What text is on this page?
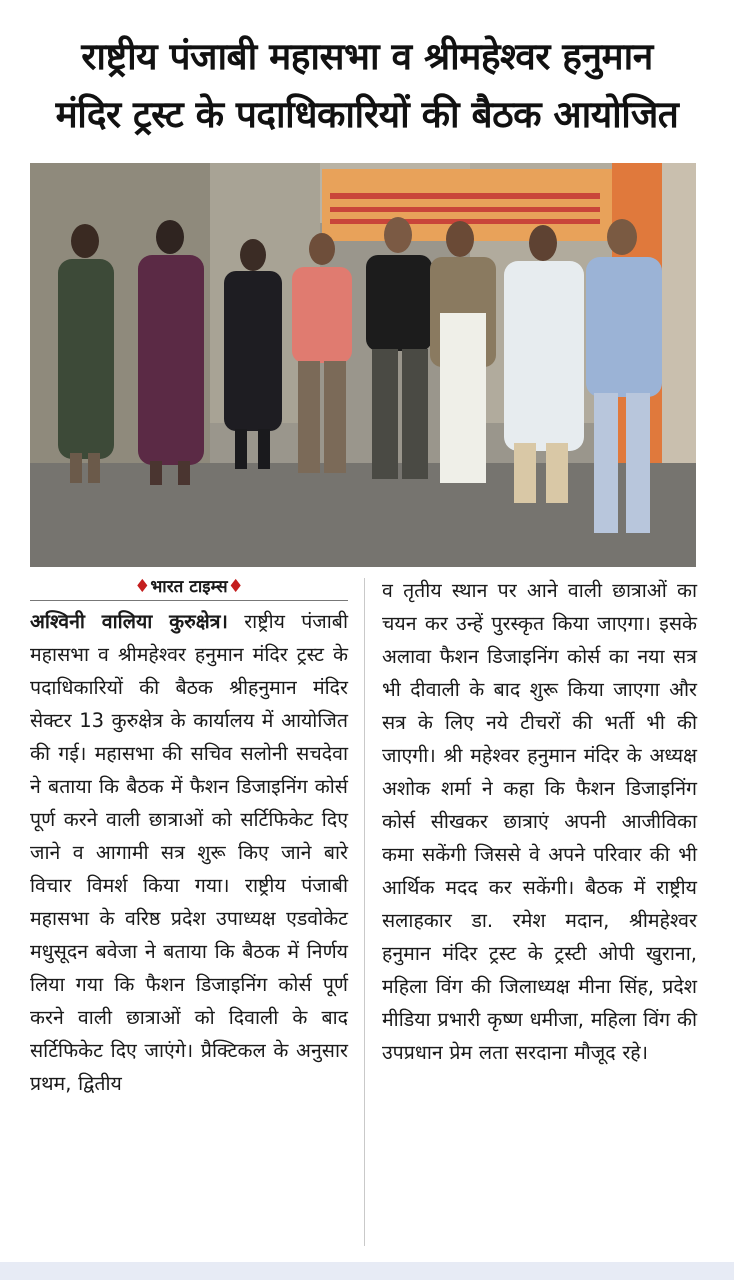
राष्ट्रीय पंजाबी महासभा व श्रीमहेश्वर हनुमान
मंदिर ट्रस्ट के पदाधिकारियों की बैठक आयोजित
♦भारत टाइम्स♦
अश्विनी वालिया कुरुक्षेत्र। राष्ट्रीय पंजाबी महासभा व श्रीमहेश्वर हनुमान मंदिर ट्रस्ट के पदाधिकारियों की बैठक श्रीहनुमान मंदिर सेक्टर 13 कुरुक्षेत्र के कार्यालय में आयोजित की गई। महासभा की सचिव सलोनी सचदेवा ने बताया कि बैठक में फैशन डिजाइनिंग कोर्स पूर्ण करने वाली छात्राओं को सर्टिफिकेट दिए जाने व आगामी सत्र शुरू किए जाने बारे विचार विमर्श किया गया। राष्ट्रीय पंजाबी महासभा के वरिष्ठ प्रदेश उपाध्यक्ष एडवोकेट मधुसूदन बवेजा ने बताया कि बैठक में निर्णय लिया गया कि फैशन डिजाइनिंग कोर्स पूर्ण करने वाली छात्राओं को दिवाली के बाद सर्टिफिकेट दिए जाएंगे। प्रैक्टिकल के अनुसार प्रथम, द्वितीय
व तृतीय स्थान पर आने वाली छात्राओं का चयन कर उन्हें पुरस्कृत किया जाएगा। इसके अलावा फैशन डिजाइनिंग कोर्स का नया सत्र भी दीवाली के बाद शुरू किया जाएगा और सत्र के लिए नये टीचरों की भर्ती भी की जाएगी। श्री महेश्वर हनुमान मंदिर के अध्यक्ष अशोक शर्मा ने कहा कि फैशन डिजाइनिंग कोर्स सीखकर छात्राएं अपनी आजीविका कमा सकेंगी जिससे वे अपने परिवार की भी आर्थिक मदद कर सकेंगी। बैठक में राष्ट्रीय सलाहकार डा. रमेश मदान, श्रीमहेश्वर हनुमान मंदिर ट्रस्ट के ट्रस्टी ओपी खुराना, महिला विंग की जिलाध्यक्ष मीना सिंह, प्रदेश मीडिया प्रभारी कृष्ण धमीजा, महिला विंग की उपप्रधान प्रेम लता सरदाना मौजूद रहे।
